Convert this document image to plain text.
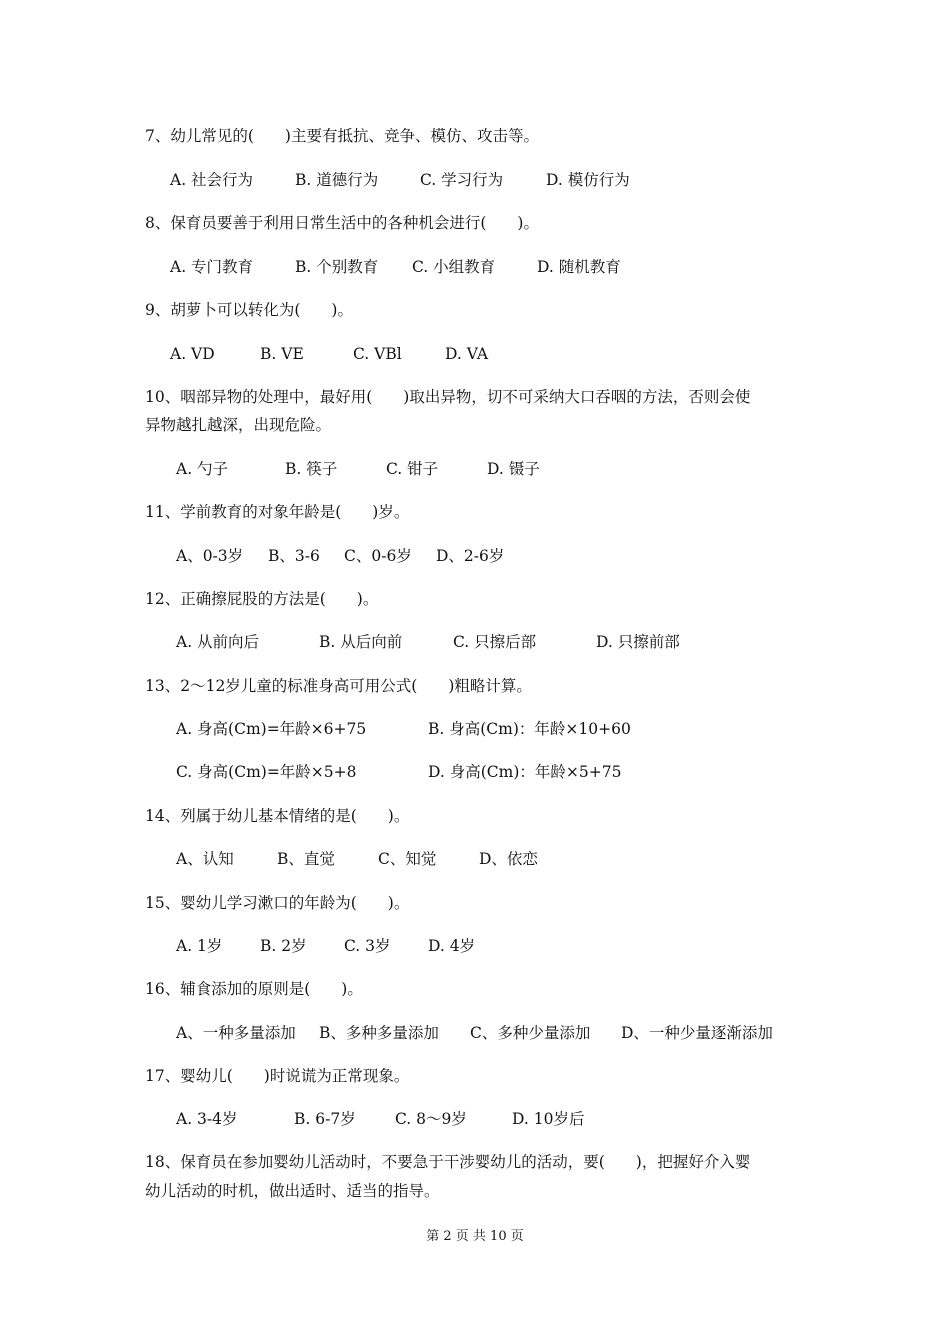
7、幼儿常见的(　　)主要有抵抗、竞争、模仿、攻击等。
A. 社会行为	B. 道德行为	C. 学习行为	D. 模仿行为
8、保育员要善于利用日常生活中的各种机会进行(　　)。
A. 专门教育	B. 个别教育 C. 小组教育	D. 随机教育
9、胡萝卜可以转化为(　　)。
A. VD	B. VE	C. VBl	D. VA
10、咽部异物的处理中，最好用(　　)取出异物，切不可采纳大口吞咽的方法，否则会使
异物越扎越深，出现危险。
A. 勺子	B. 筷子	C. 钳子	D. 镊子
11、学前教育的对象年龄是(　　)岁。
A、0-3岁 B、3-6 C、0-6岁 D、2-6岁
12、正确擦屁股的方法是(　　)。
A. 从前向后	B. 从后向前	C. 只擦后部	D. 只擦前部
13、2～12岁儿童的标准身高可用公式(　　)粗略计算。
A. 身高(Cm)=年龄×6+75	B. 身高(Cm)：年龄×10+60
C. 身高(Cm)=年龄×5+8	D. 身高(Cm)：年龄×5+75
14、列属于幼儿基本情绪的是(　　)。
A、认知	B、直觉	C、知觉	D、依恋
15、婴幼儿学习漱口的年龄为(　　)。
A. 1岁 B. 2岁 C. 3岁 D. 4岁
16、辅食添加的原则是(　　)。
A、一种多量添加 B、多种多量添加 C、多种少量添加 D、一种少量逐渐添加
17、婴幼儿(　　)时说谎为正常现象。
A. 3-4岁	B. 6-7岁	C. 8～9岁	D. 10岁后
18、保育员在参加婴幼儿活动时，不要急于干涉婴幼儿的活动，要(　　)，把握好介入婴
幼儿活动的时机，做出适时、适当的指导。
第 2 页 共 10 页
